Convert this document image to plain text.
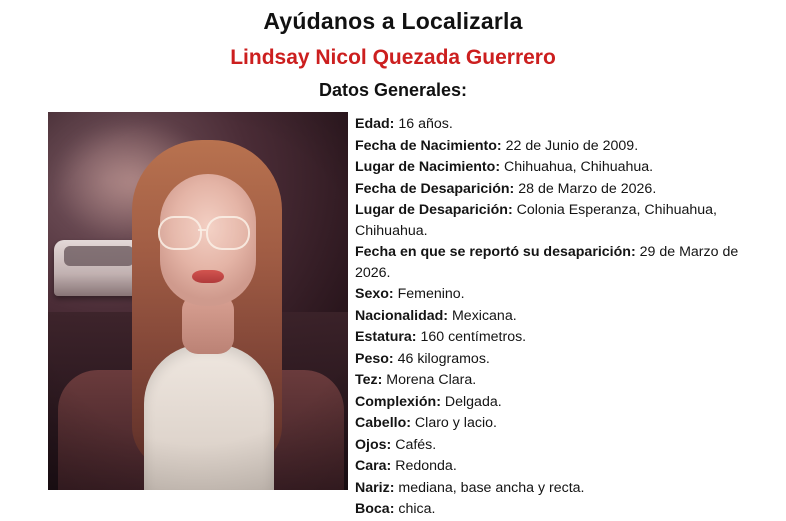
Ayúdanos a Localizarla
Lindsay Nicol Quezada Guerrero
Datos Generales:
Edad: 16 años.
Fecha de Nacimiento: 22 de Junio de 2009.
Lugar de Nacimiento: Chihuahua, Chihuahua.
Fecha de Desaparición: 28 de Marzo de 2026.
Lugar de Desaparición: Colonia Esperanza, Chihuahua, Chihuahua.
Fecha en que se reportó su desaparición: 29 de Marzo de 2026.
Sexo: Femenino.
Nacionalidad: Mexicana.
Estatura: 160 centímetros.
Peso: 46 kilogramos.
Tez: Morena Clara.
Complexión: Delgada.
Cabello: Claro y lacio.
Ojos: Cafés.
Cara: Redonda.
Nariz: mediana, base ancha y recta.
Boca: chica.
